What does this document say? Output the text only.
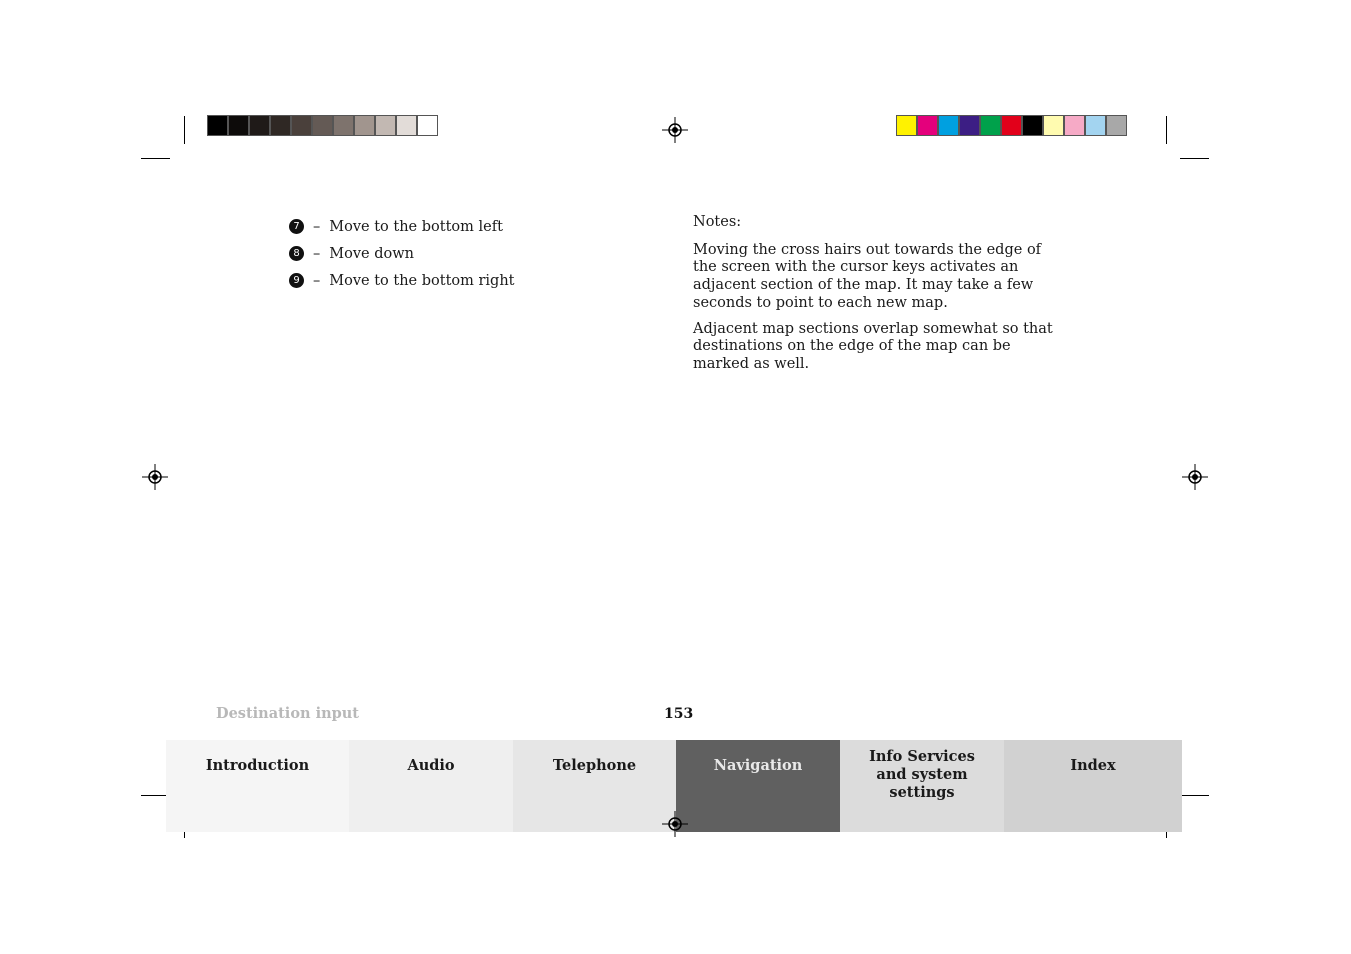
7 – Move to the bottom left
8 – Move down
9 – Move to the bottom right

Notes:

Moving the cross hairs out towards the edge of the screen with the cursor keys activates an adjacent section of the map. It may take a few seconds to point to each new map.

Adjacent map sections overlap somewhat so that destinations on the edge of the map can be marked as well.

Destination input	153
Introduction	Audio	Telephone	Navigation
Info Services and system settings
Index
